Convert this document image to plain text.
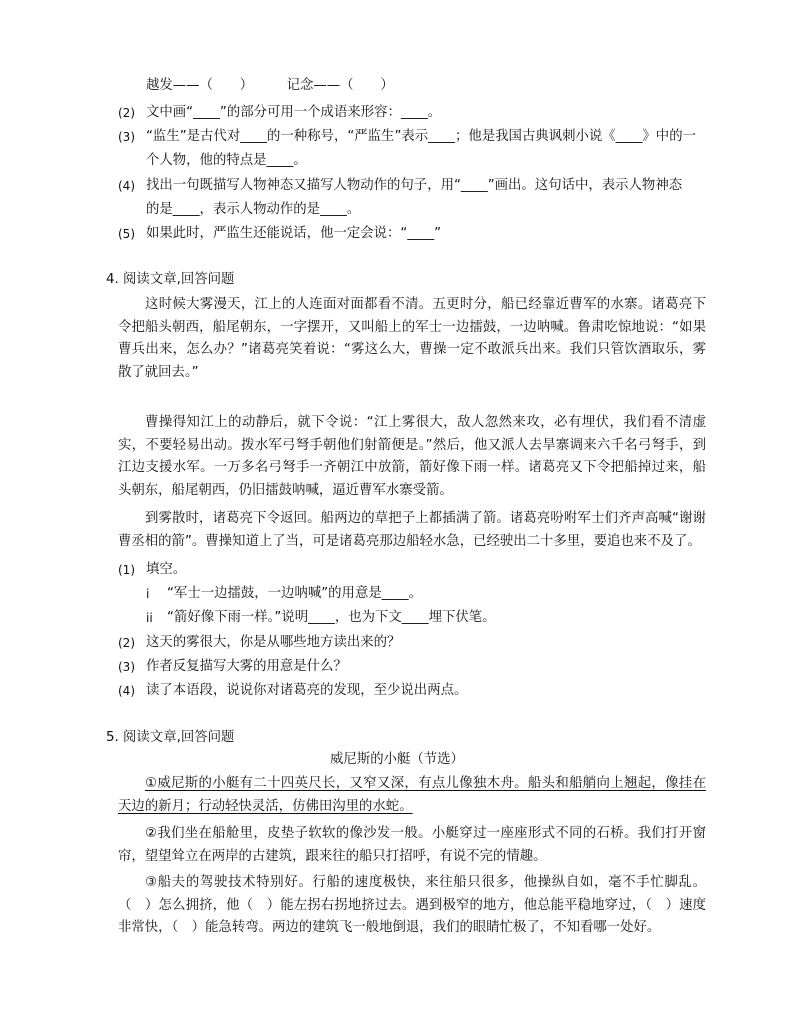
越发——（　　）　　　记念——（　　）
(2) 文中画“____”的部分可用一个成语来形容：____。
(3) “监生”是古代对____的一种称号，“严监生”表示____；他是我国古典讽刺小说《____》中的一
个人物，他的特点是____。
(4) 找出一句既描写人物神态又描写人物动作的句子，用“____”画出。这句话中，表示人物神态
的是____，表示人物动作的是____。
(5) 如果此时，严监生还能说话，他一定会说：“____”
4. 阅读文章,回答问题
这时候大雾漫天，江上的人连面对面都看不清。五更时分，船已经靠近曹军的水寨。诸葛亮下令把船头朝西，船尾朝东，一字摆开，又叫船上的军士一边擂鼓，一边呐喊。鲁肃吃惊地说：“如果曹兵出来，怎么办？”诸葛亮笑着说：“雾这么大，曹操一定不敢派兵出来。我们只管饮酒取乐，雾散了就回去。”
曹操得知江上的动静后，就下令说：“江上雾很大，敌人忽然来攻，必有埋伏，我们看不清虚实，不要轻易出动。拨水军弓弩手朝他们射箭便是。”然后，他又派人去旱寨调来六千名弓弩手，到江边支援水军。一万多名弓弩手一齐朝江中放箭，箭好像下雨一样。诸葛亮又下令把船掉过来，船头朝东，船尾朝西，仍旧擂鼓呐喊，逼近曹军水寨受箭。
到雾散时，诸葛亮下令返回。船两边的草把子上都插满了箭。诸葛亮吩咐军士们齐声高喊“谢谢曹丞相的箭”。曹操知道上了当，可是诸葛亮那边船轻水急，已经驶出二十多里，要追也来不及了。
(1) 填空。
i “军士一边擂鼓，一边呐喊”的用意是____。
ii “箭好像下雨一样。”说明____，也为下文____埋下伏笔。
(2) 这天的雾很大，你是从哪些地方读出来的？
(3) 作者反复描写大雾的用意是什么？
(4) 读了本语段，说说你对诸葛亮的发现，至少说出两点。
5. 阅读文章,回答问题
威尼斯的小艇（节选）
①威尼斯的小艇有二十四英尺长，又窄又深，有点儿像独木舟。船头和船艄向上翘起，像挂在天边的新月；行动轻快灵活，仿佛田沟里的水蛇。
②我们坐在船舱里，皮垫子软软的像沙发一般。小艇穿过一座座形式不同的石桥。我们打开窗帘，望望耸立在两岸的古建筑，跟来往的船只打招呼，有说不完的情趣。
③船夫的驾驶技术特别好。行船的速度极快，来往船只很多，他操纵自如，毫不手忙脚乱。（　）怎么拥挤，他（　）能左拐右拐地挤过去。遇到极窄的地方，他总能平稳地穿过，（　）速度非常快，（　）能急转弯。两边的建筑飞一般地倒退，我们的眼睛忙极了，不知看哪一处好。
